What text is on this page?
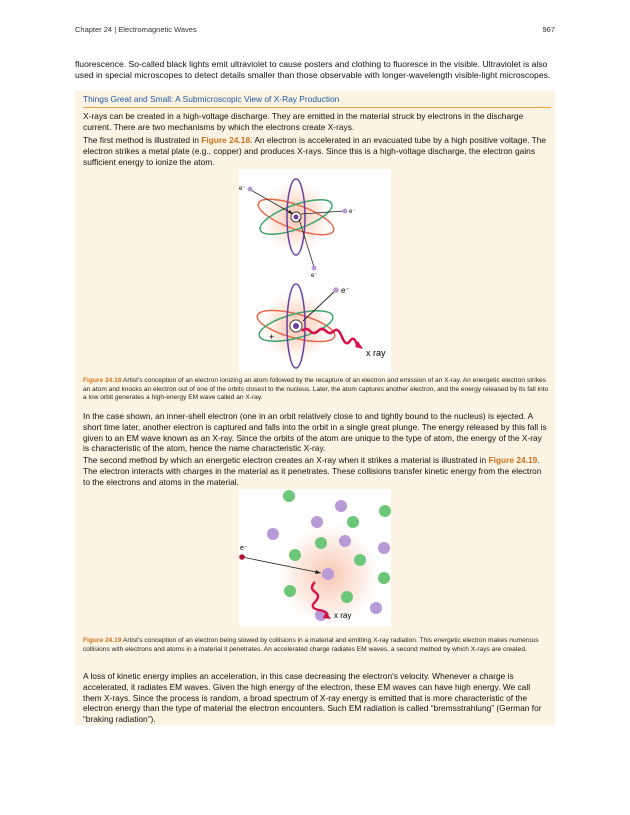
Chapter 24 | Electromagnetic Waves	967

fluorescence. So-called black lights emit ultraviolet to cause posters and clothing to fluoresce in the visible. Ultraviolet is also used in special microscopes to detect details smaller than those observable with longer-wavelength visible-light microscopes.

Things Great and Small: A Submicroscopic View of X-Ray Production

X-rays can be created in a high-voltage discharge. They are emitted in the material struck by electrons in the discharge current. There are two mechanisms by which the electrons create X-rays.

The first method is illustrated in Figure 24.18. An electron is accelerated in an evacuated tube by a high positive voltage. The electron strikes a metal plate (e.g., copper) and produces X-rays. Since this is a high-voltage discharge, the electron gains sufficient energy to ionize the atom.

e⁻
e⁻
e⁻
+
e⁻
x ray

Figure 24.18 Artist's conception of an electron ionizing an atom followed by the recapture of an electron and emission of an X-ray. An energetic electron strikes an atom and knocks an electron out of one of the orbits closest to the nucleus. Later, the atom captures another electron, and the energy released by its fall into a low orbit generates a high-energy EM wave called an X-ray.

In the case shown, an inner-shell electron (one in an orbit relatively close to and tightly bound to the nucleus) is ejected. A short time later, another electron is captured and falls into the orbit in a single great plunge. The energy released by this fall is given to an EM wave known as an X-ray. Since the orbits of the atom are unique to the type of atom, the energy of the X-ray is characteristic of the atom, hence the name characteristic X-ray.

The second method by which an energetic electron creates an X-ray when it strikes a material is illustrated in Figure 24.19. The electron interacts with charges in the material as it penetrates. These collisions transfer kinetic energy from the electron to the electrons and atoms in the material.

e⁻
x ray

Figure 24.19 Artist's conception of an electron being slowed by collisions in a material and emitting X-ray radiation. This energetic electron makes numerous collisions with electrons and atoms in a material it penetrates. An accelerated charge radiates EM waves, a second method by which X-rays are created.

A loss of kinetic energy implies an acceleration, in this case decreasing the electron's velocity. Whenever a charge is accelerated, it radiates EM waves. Given the high energy of the electron, these EM waves can have high energy. We call them X-rays. Since the process is random, a broad spectrum of X-ray energy is emitted that is more characteristic of the electron energy than the type of material the electron encounters. Such EM radiation is called “bremsstrahlung” (German for “braking radiation”).
